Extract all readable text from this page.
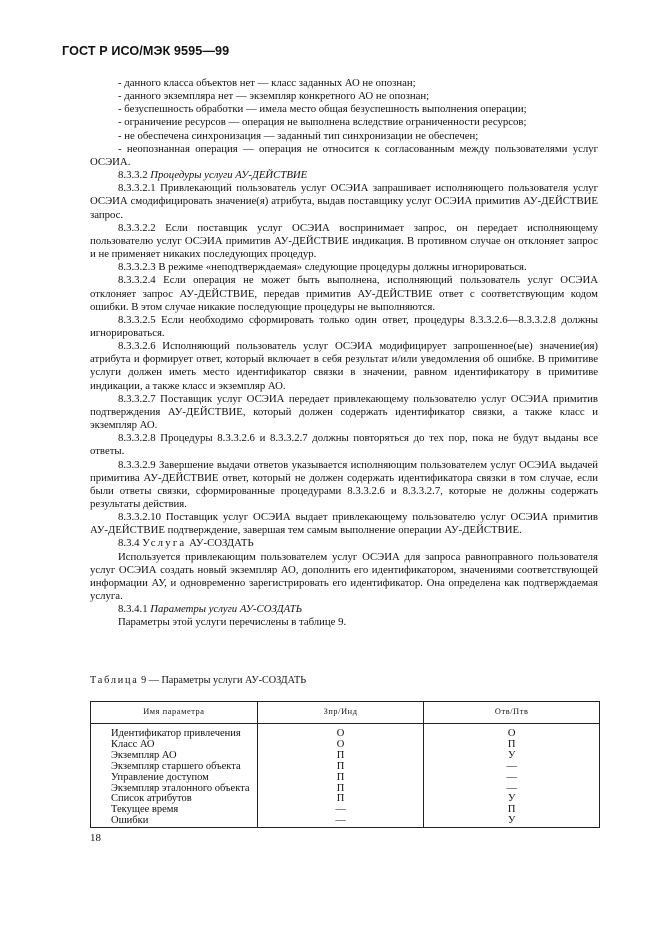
ГОСТ Р ИСО/МЭК 9595—99
- данного класса объектов нет — класс заданных АО не опознан;
- данного экземпляра нет — экземпляр конкретного АО не опознан;
- безуспешность обработки — имела место общая безуспешность выполнения операции;
- ограничение ресурсов — операция не выполнена вследствие ограниченности ресурсов;
- не обеспечена синхронизация — заданный тип синхронизации не обеспечен;
- неопознанная операция — операция не относится к согласованным между пользователями услуг ОСЭИА.
8.3.3.2 Процедуры услуги АУ-ДЕЙСТВИЕ
8.3.3.2.1 Привлекающий пользователь услуг ОСЭИА запрашивает исполняющего пользователя услуг ОСЭИА смодифицировать значение(я) атрибута, выдав поставщику услуг ОСЭИА примитив АУ-ДЕЙСТВИЕ запрос.
8.3.3.2.2 Если поставщик услуг ОСЭИА воспринимает запрос, он передает исполняющему пользователю услуг ОСЭИА примитив АУ-ДЕЙСТВИЕ индикация. В противном случае он отклоняет запрос и не применяет никаких последующих процедур.
8.3.3.2.3 В режиме «неподтверждаемая» следующие процедуры должны игнорироваться.
8.3.3.2.4 Если операция не может быть выполнена, исполняющий пользователь услуг ОСЭИА отклоняет запрос АУ-ДЕЙСТВИЕ, передав примитив АУ-ДЕЙСТВИЕ ответ с соответствующим кодом ошибки. В этом случае никакие последующие процедуры не выполняются.
8.3.3.2.5 Если необходимо сформировать только один ответ, процедуры 8.3.3.2.6—8.3.3.2.8 должны игнорироваться.
8.3.3.2.6 Исполняющий пользователь услуг ОСЭИА модифицирует запрошенное(ые) значение(ия) атрибута и формирует ответ, который включает в себя результат и/или уведомления об ошибке. В примитиве услуги должен иметь место идентификатор связки в значении, равном идентификатору в примитиве индикации, а также класс и экземпляр АО.
8.3.3.2.7 Поставщик услуг ОСЭИА передает привлекающему пользователю услуг ОСЭИА примитив подтверждения АУ-ДЕЙСТВИЕ, который должен содержать идентификатор связки, а также класс и экземпляр АО.
8.3.3.2.8 Процедуры 8.3.3.2.6 и 8.3.3.2.7 должны повторяться до тех пор, пока не будут выданы все ответы.
8.3.3.2.9 Завершение выдачи ответов указывается исполняющим пользователем услуг ОСЭИА выдачей примитива АУ-ДЕЙСТВИЕ ответ, который не должен содержать идентификатора связки в том случае, если были ответы связки, сформированные процедурами 8.3.3.2.6 и 8.3.3.2.7, которые не должны содержать результаты действия.
8.3.3.2.10 Поставщик услуг ОСЭИА выдает привлекающему пользователю услуг ОСЭИА примитив АУ-ДЕЙСТВИЕ подтверждение, завершая тем самым выполнение операции АУ-ДЕЙСТВИЕ.
8.3.4 Услуга АУ-СОЗДАТЬ
Используется привлекающим пользователем услуг ОСЭИА для запроса равноправного пользователя услуг ОСЭИА создать новый экземпляр АО, дополнить его идентификатором, значениями соответствующей информации АУ, и одновременно зарегистрировать его идентификатор. Она определена как подтверждаемая услуга.
8.3.4.1 Параметры услуги АУ-СОЗДАТЬ
Параметры этой услуги перечислены в таблице 9.
Таблица 9 — Параметры услуги АУ-СОЗДАТЬ
Имя параметра	Зпр/Инд	Отв/Птв
Идентификатор привлечения	О	О
Класс АО	О	П
Экземпляр АО	П	У
Экземпляр старшего объекта	П	—
Управление доступом	П	—
Экземпляр эталонного объекта	П	—
Список атрибутов	П	У
Текущее время	—	П
Ошибки	—	У
18
